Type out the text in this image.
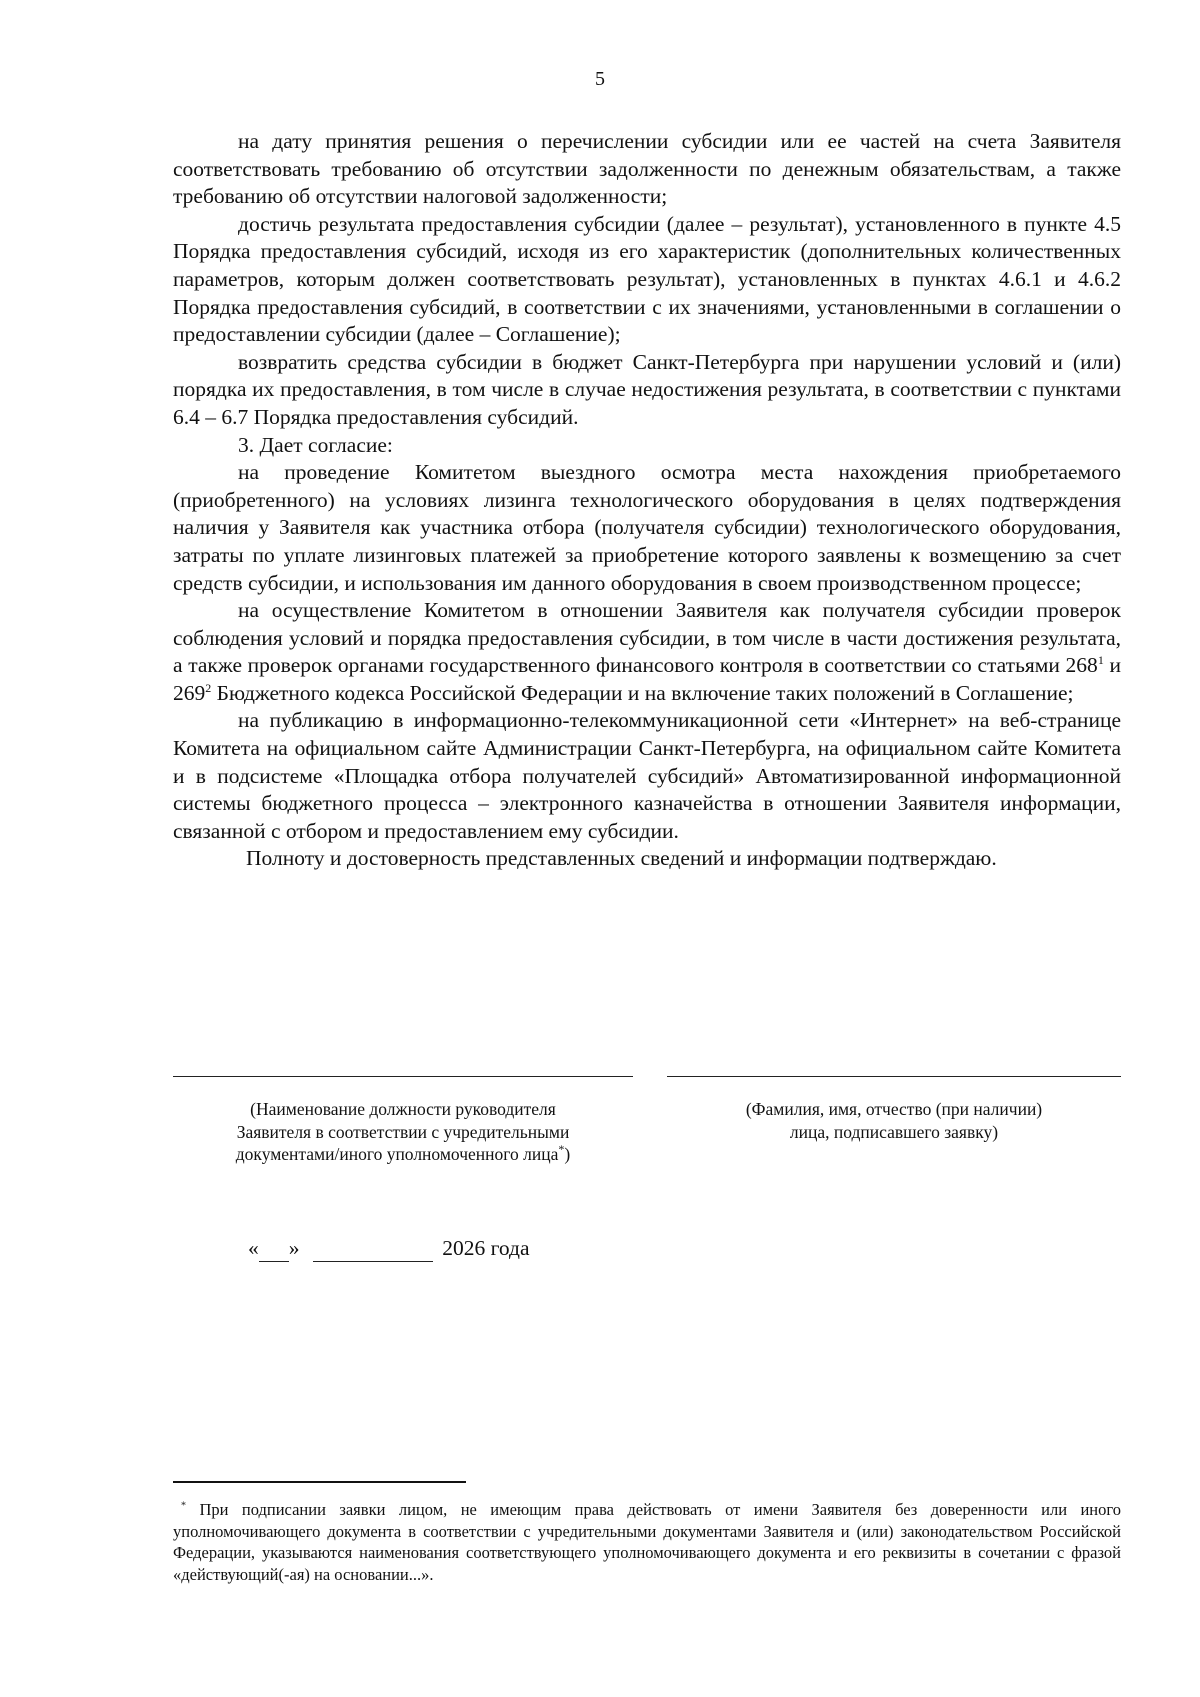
5

на дату принятия решения о перечислении субсидии или ее частей на счета Заявителя соответствовать требованию об отсутствии задолженности по денежным обязательствам, а также требованию об отсутствии налоговой задолженности;

достичь результата предоставления субсидии (далее – результат), установленного в пункте 4.5 Порядка предоставления субсидий, исходя из его характеристик (дополнительных количественных параметров, которым должен соответствовать результат), установленных в пунктах 4.6.1 и 4.6.2 Порядка предоставления субсидий, в соответствии с их значениями, установленными в соглашении о предоставлении субсидии (далее – Соглашение);

возвратить средства субсидии в бюджет Санкт-Петербурга при нарушении условий и (или) порядка их предоставления, в том числе в случае недостижения результата, в соответствии с пунктами 6.4 – 6.7 Порядка предоставления субсидий.

3. Дает согласие:

на проведение Комитетом выездного осмотра места нахождения приобретаемого (приобретенного) на условиях лизинга технологического оборудования в целях подтверждения наличия у Заявителя как участника отбора (получателя субсидии) технологического оборудования, затраты по уплате лизинговых платежей за приобретение которого заявлены к возмещению за счет средств субсидии, и использования им данного оборудования в своем производственном процессе;

на осуществление Комитетом в отношении Заявителя как получателя субсидии проверок соблюдения условий и порядка предоставления субсидии, в том числе в части достижения результата, а также проверок органами государственного финансового контроля в соответствии со статьями $268^1$ и $269^2$ Бюджетного кодекса Российской Федерации и на включение таких положений в Соглашение;

на публикацию в информационно-телекоммуникационной сети «Интернет» на веб-странице Комитета на официальном сайте Администрации Санкт-Петербурга, на официальном сайте Комитета и в подсистеме «Площадка отбора получателей субсидий» Автоматизированной информационной системы бюджетного процесса – электронного казначейства в отношении Заявителя информации, связанной с отбором и предоставлением ему субсидии.

Полноту и достоверность представленных сведений и информации подтверждаю.

(Наименование должности руководителя
Заявителя в соответствии с учредительными
документами/иного уполномоченного лица*)
(Фамилия, имя, отчество (при наличии)
лица, подписавшего заявку)
« »	2026 года
* При подписании заявки лицом, не имеющим права действовать от имени Заявителя без доверенности или иного уполномочивающего документа в соответствии с учредительными документами Заявителя и (или) законодательством Российской Федерации, указываются наименования соответствующего уполномочивающего документа и его реквизиты в сочетании с фразой «действующий(-ая) на основании...».
